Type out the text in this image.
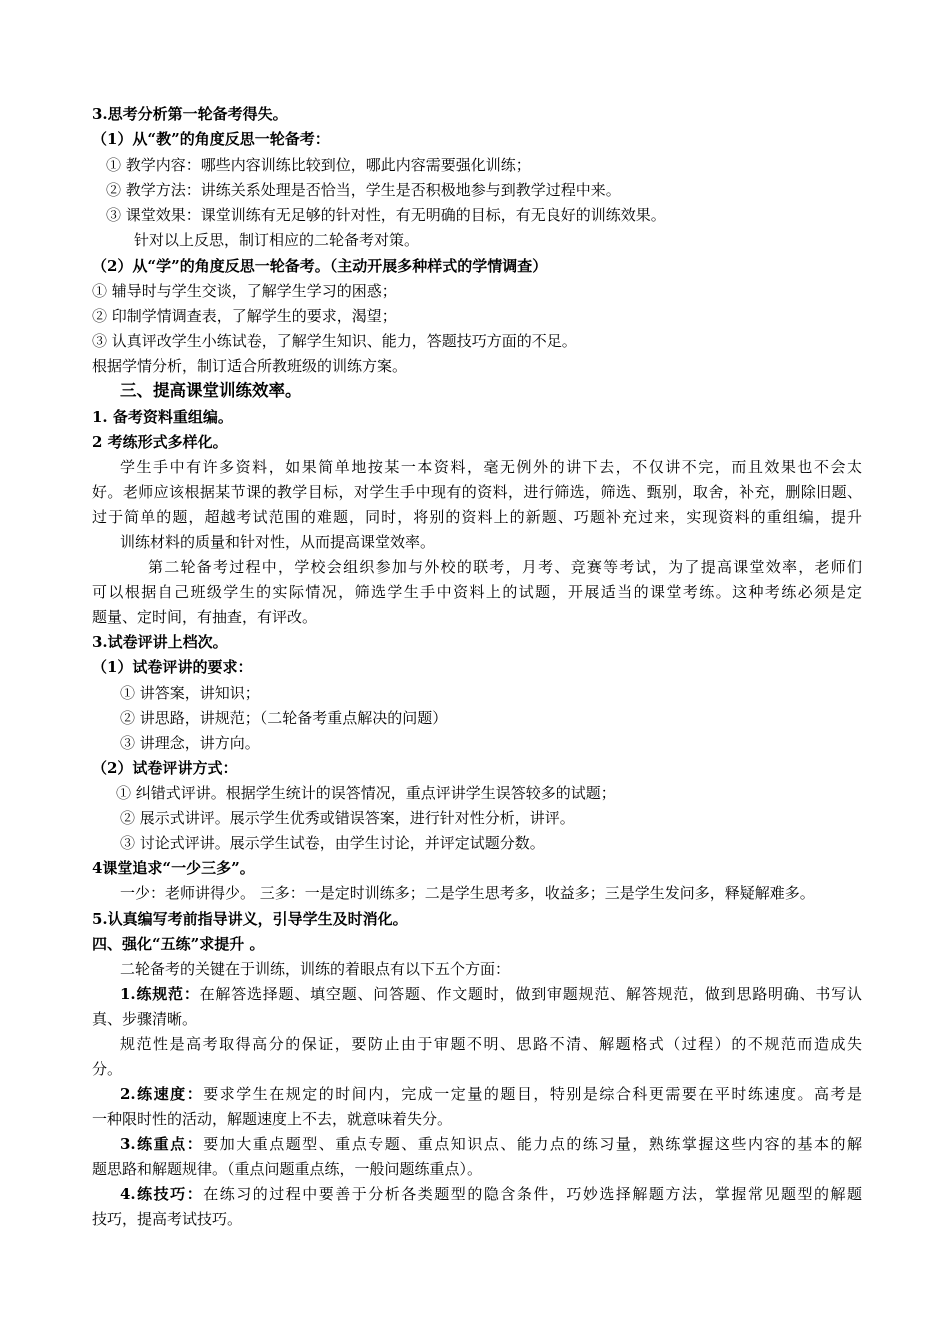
3.思考分析第一轮备考得失。
（1）从“教”的角度反思一轮备考：
① 教学内容：哪些内容训练比较到位，哪此内容需要强化训练；
② 教学方法：讲练关系处理是否恰当，学生是否积极地参与到教学过程中来。
③ 课堂效果：课堂训练有无足够的针对性，有无明确的目标，有无良好的训练效果。
针对以上反思，制订相应的二轮备考对策。
（2）从“学”的角度反思一轮备考。（主动开展多种样式的学情调查）
① 辅导时与学生交谈，了解学生学习的困惑；
② 印制学情调查表，了解学生的要求，渴望；
③ 认真评改学生小练试卷，了解学生知识、能力，答题技巧方面的不足。
根据学情分析，制订适合所教班级的训练方案。
三、提高课堂训练效率。
1. 备考资料重组编。
2 考练形式多样化。
学生手中有许多资料，如果简单地按某一本资料，毫无例外的讲下去，不仅讲不完，而且效果也不会太
好。老师应该根据某节课的教学目标，对学生手中现有的资料，进行筛选，筛选、甄别，取舍，补充，删除旧题、
过于简单的题，超越考试范围的难题，同时，将别的资料上的新题、巧题补充过来，实现资料的重组编，提升
训练材料的质量和针对性，从而提高课堂效率。
第二轮备考过程中，学校会组织参加与外校的联考，月考、竞赛等考试，为了提高课堂效率，老师们
可以根据自己班级学生的实际情况，筛选学生手中资料上的试题，开展适当的课堂考练。这种考练必须是定
题量、定时间，有抽查，有评改。
3.试卷评讲上档次。
（1）试卷评讲的要求：
① 讲答案，讲知识；
② 讲思路，讲规范；（二轮备考重点解决的问题）
③ 讲理念，讲方向。
（2）试卷评讲方式：
① 纠错式评讲。根据学生统计的误答情况，重点评讲学生误答较多的试题；
② 展示式讲评。展示学生优秀或错误答案，进行针对性分析，讲评。
③ 讨论式评讲。展示学生试卷，由学生讨论，并评定试题分数。
4课堂追求“一少三多”。
一少：老师讲得少。 三多：一是定时训练多；二是学生思考多，收益多；三是学生发问多，释疑解难多。
5.认真编写考前指导讲义，引导学生及时消化。
四、强化“五练”求提升 。
二轮备考的关键在于训练，训练的着眼点有以下五个方面：
1.练规范：在解答选择题、填空题、问答题、作文题时，做到审题规范、解答规范，做到思路明确、书写认
真、步骤清晰。
规范性是高考取得高分的保证，要防止由于审题不明、思路不清、解题格式（过程）的不规范而造成失
分。
2.练速度：要求学生在规定的时间内，完成一定量的题目，特别是综合科更需要在平时练速度。高考是
一种限时性的活动，解题速度上不去，就意味着失分。
3.练重点：要加大重点题型、重点专题、重点知识点、能力点的练习量，熟练掌握这些内容的基本的解
题思路和解题规律。（重点问题重点练，一般问题练重点）。
4.练技巧：在练习的过程中要善于分析各类题型的隐含条件，巧妙选择解题方法，掌握常见题型的解题
技巧，提高考试技巧。
